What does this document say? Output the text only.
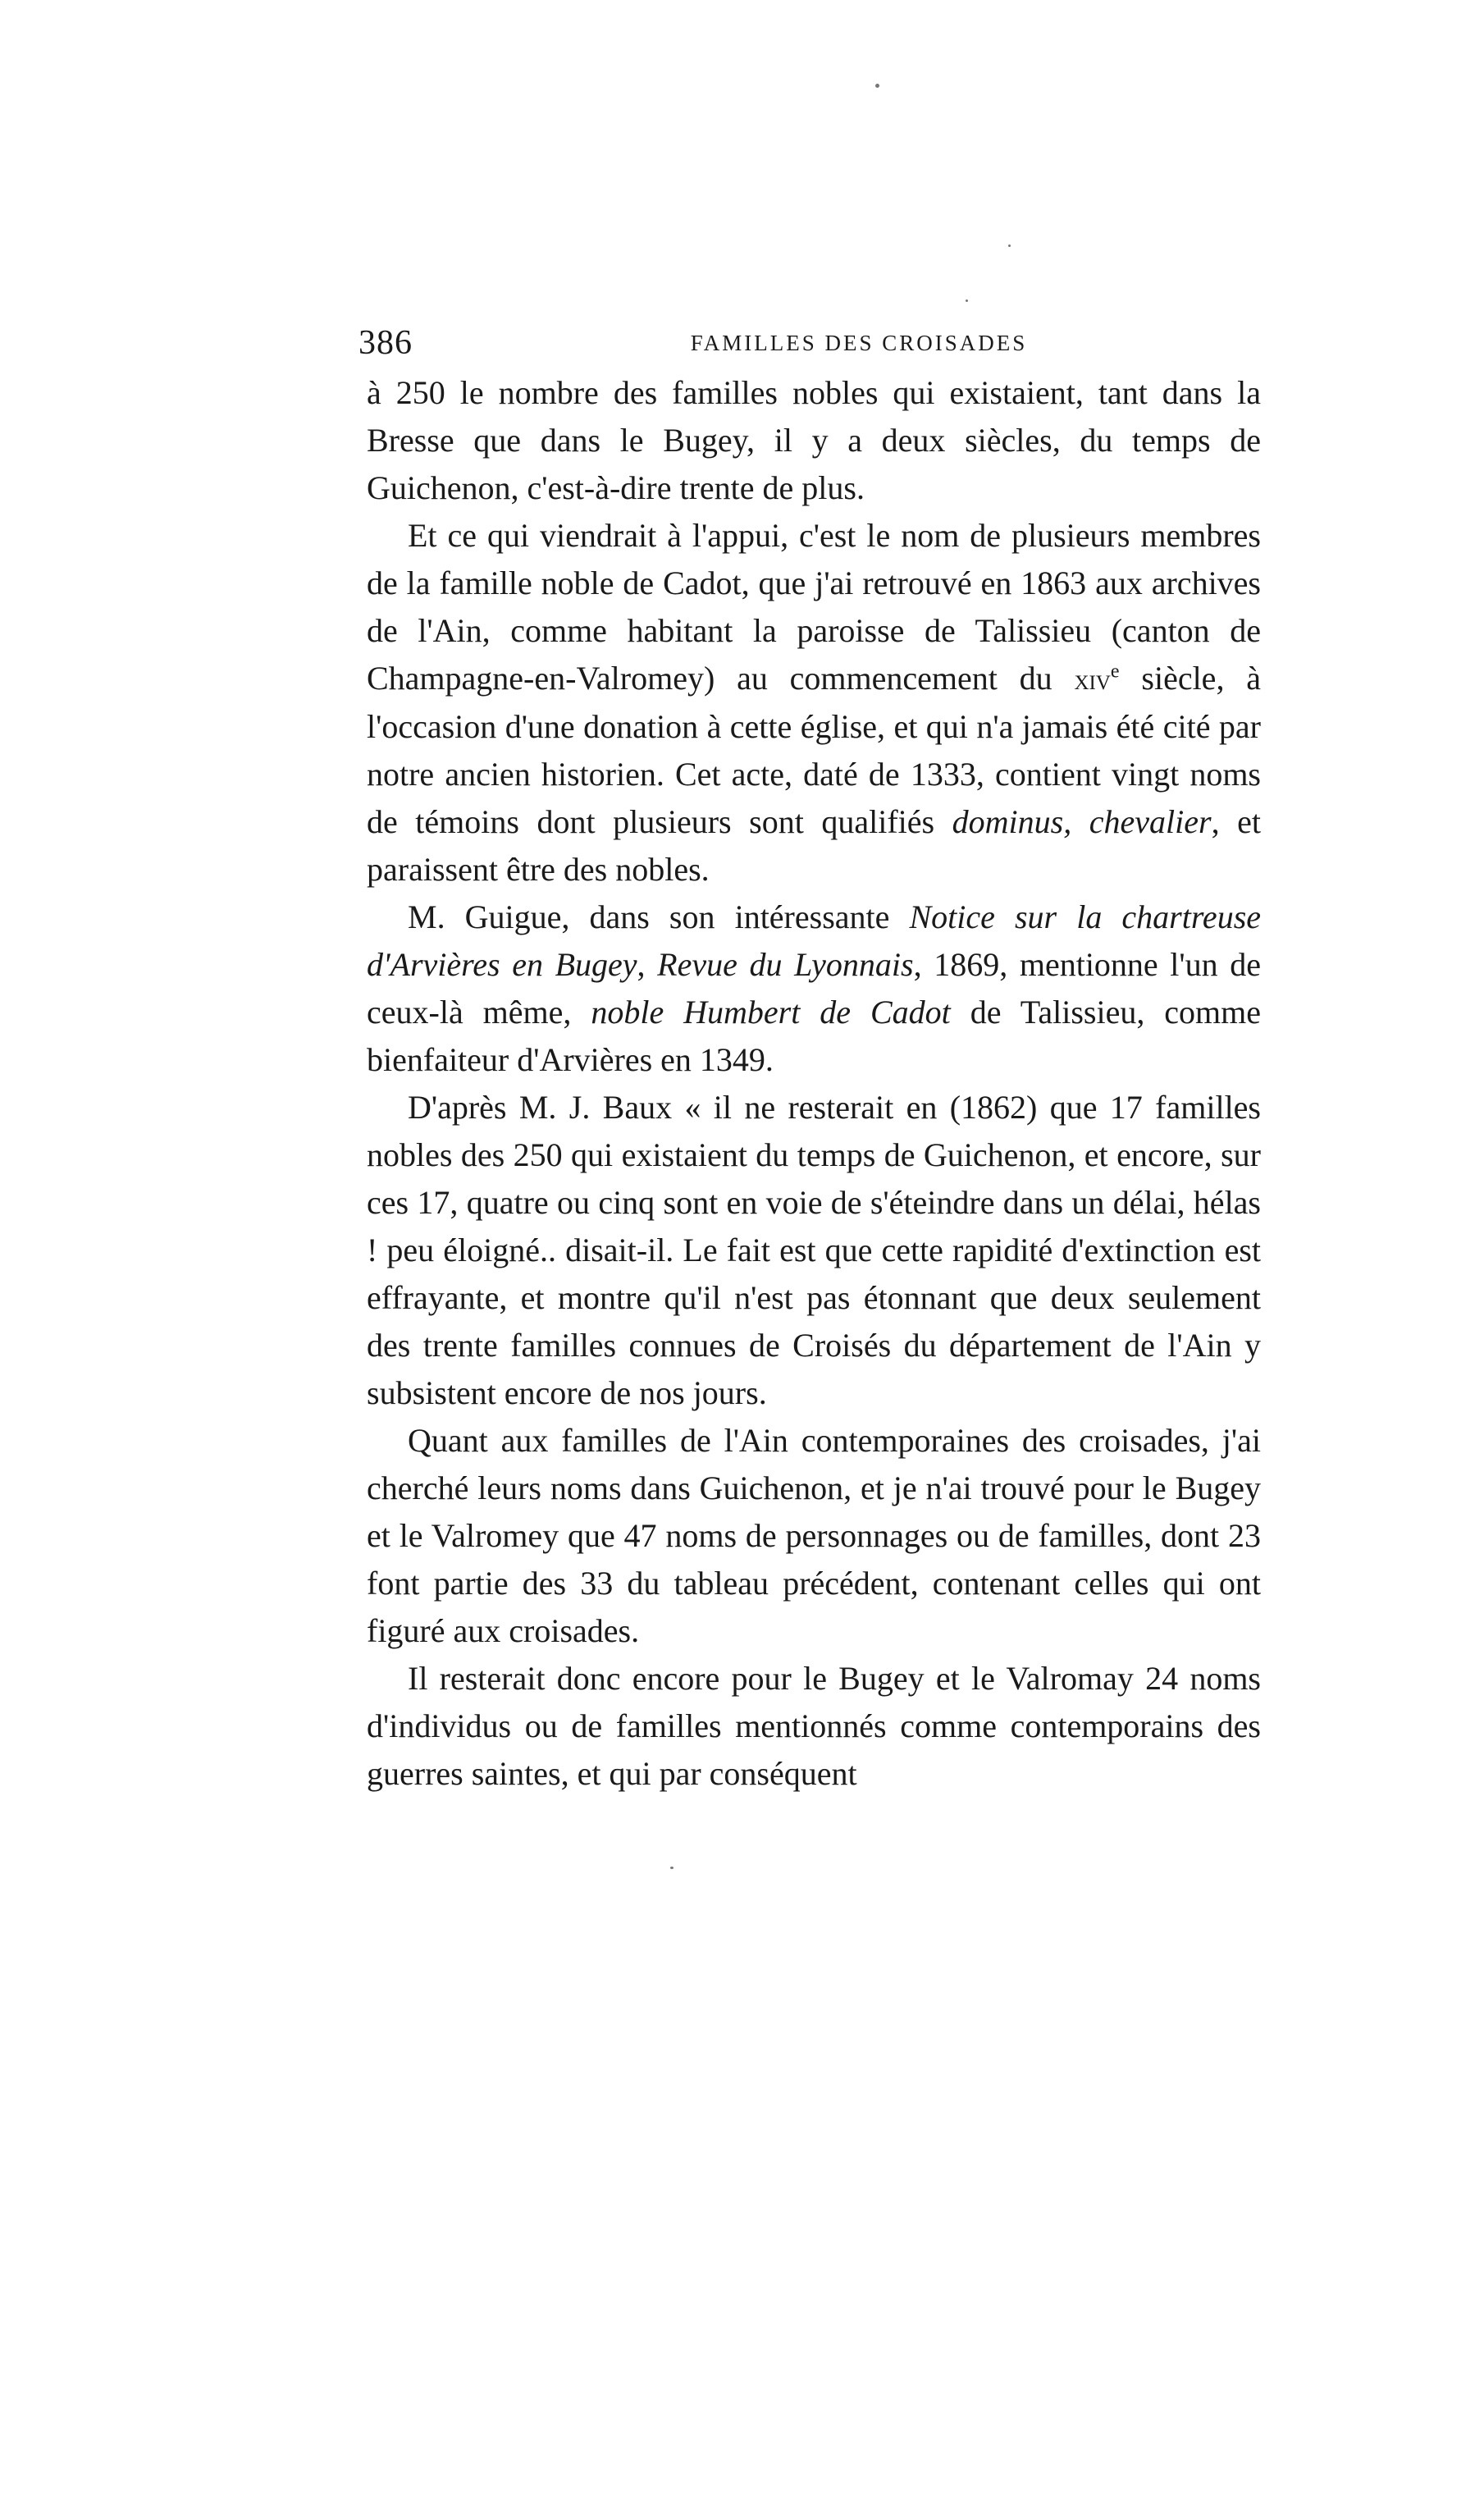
386	FAMILLES DES CROISADES

à 250 le nombre des familles nobles qui existaient, tant dans la Bresse que dans le Bugey, il y a deux siècles, du temps de Guichenon, c'est-à-dire trente de plus.

Et ce qui viendrait à l'appui, c'est le nom de plusieurs membres de la famille noble de Cadot, que j'ai retrouvé en 1863 aux archives de l'Ain, comme habitant la paroisse de Talissieu (canton de Champagne-en-Valromey) au commencement du xiv$^e$ siècle, à l'occasion d'une donation à cette église, et qui n'a jamais été cité par notre ancien historien. Cet acte, daté de 1333, contient vingt noms de témoins dont plusieurs sont qualifiés dominus, chevalier, et paraissent être des nobles.

M. Guigue, dans son intéressante Notice sur la chartreuse d'Arvières en Bugey, Revue du Lyonnais, 1869, mentionne l'un de ceux-là même, noble Humbert de Cadot de Talissieu, comme bienfaiteur d'Arvières en 1349.

D'après M. J. Baux « il ne resterait en (1862) que 17 familles nobles des 250 qui existaient du temps de Guichenon, et encore, sur ces 17, quatre ou cinq sont en voie de s'éteindre dans un délai, hélas ! peu éloigné.. disait-il. Le fait est que cette rapidité d'extinction est effrayante, et montre qu'il n'est pas étonnant que deux seulement des trente familles connues de Croisés du département de l'Ain y subsistent encore de nos jours.

Quant aux familles de l'Ain contemporaines des croisades, j'ai cherché leurs noms dans Guichenon, et je n'ai trouvé pour le Bugey et le Valromey que 47 noms de personnages ou de familles, dont 23 font partie des 33 du tableau précédent, contenant celles qui ont figuré aux croisades.

Il resterait donc encore pour le Bugey et le Valromay 24 noms d'individus ou de familles mentionnés comme contemporains des guerres saintes, et qui par conséquent
